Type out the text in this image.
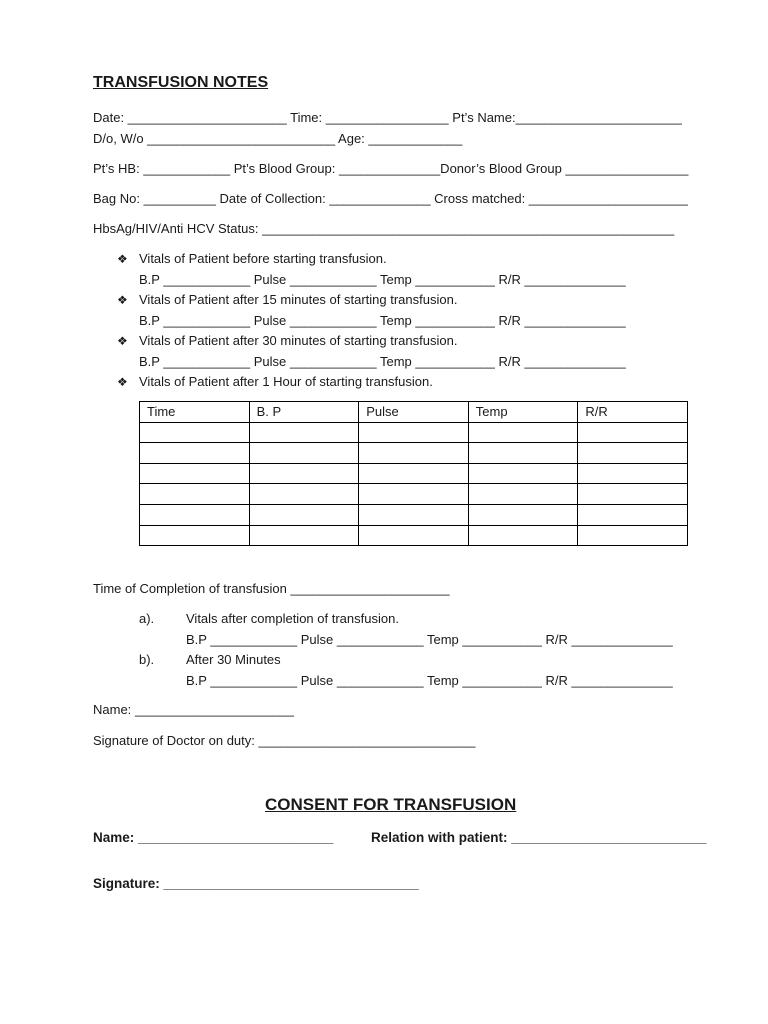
TRANSFUSION NOTES
Date: ______________________ Time: _________________ Pt’s Name:_______________________
D/o, W/o __________________________ Age: _____________
Pt’s HB: ____________ Pt’s Blood Group: ______________Donor’s Blood Group _________________
Bag No: __________ Date of Collection: ______________ Cross matched: ______________________
HbsAg/HIV/Anti HCV Status: _________________________________________________________
❖ Vitals of Patient before starting transfusion.
B.P ____________ Pulse ____________ Temp ___________ R/R ______________
❖ Vitals of Patient after 15 minutes of starting transfusion.
B.P ____________ Pulse ____________ Temp ___________ R/R ______________
❖ Vitals of Patient after 30 minutes of starting transfusion.
B.P ____________ Pulse ____________ Temp ___________ R/R ______________
❖ Vitals of Patient after 1 Hour of starting transfusion.
Time	B. P	Pulse	Temp	R/R

Time of Completion of transfusion ______________________
a). Vitals after completion of transfusion.
B.P ____________ Pulse ____________ Temp ___________ R/R ______________
b). After 30 Minutes
B.P ____________ Pulse ____________ Temp ___________ R/R ______________
Name: ______________________
Signature of Doctor on duty: ______________________________
CONSENT FOR TRANSFUSION
Name: __________________________	Relation with patient: __________________________
Signature: __________________________________
